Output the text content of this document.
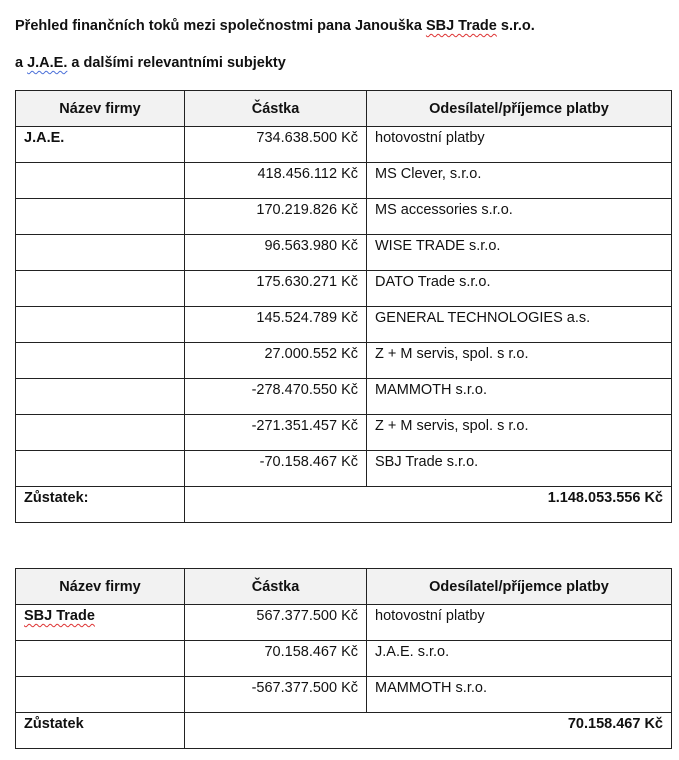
Přehled finančních toků mezi společnostmi pana Janouška SBJ Trade s.r.o.
a J.A.E. a dalšími relevantními subjekty
Název firmy	Částka	Odesílatel/příjemce platby
J.A.E.	734.638.500 Kč	hotovostní platby
	418.456.112 Kč	MS Clever, s.r.o.
	170.219.826 Kč	MS accessories s.r.o.
	96.563.980 Kč	WISE TRADE s.r.o.
	175.630.271 Kč	DATO Trade s.r.o.
	145.524.789 Kč	GENERAL TECHNOLOGIES a.s.
	27.000.552 Kč	Z + M servis, spol. s r.o.
	-278.470.550 Kč	MAMMOTH s.r.o.
	-271.351.457 Kč	Z + M servis, spol. s r.o.
	-70.158.467 Kč	SBJ Trade s.r.o.
Zůstatek:	1.148.053.556 Kč	
Název firmy	Částka	Odesílatel/příjemce platby
SBJ Trade	567.377.500 Kč	hotovostní platby
	70.158.467 Kč	J.A.E. s.r.o.
	-567.377.500 Kč	MAMMOTH s.r.o.
Zůstatek	70.158.467 Kč	
